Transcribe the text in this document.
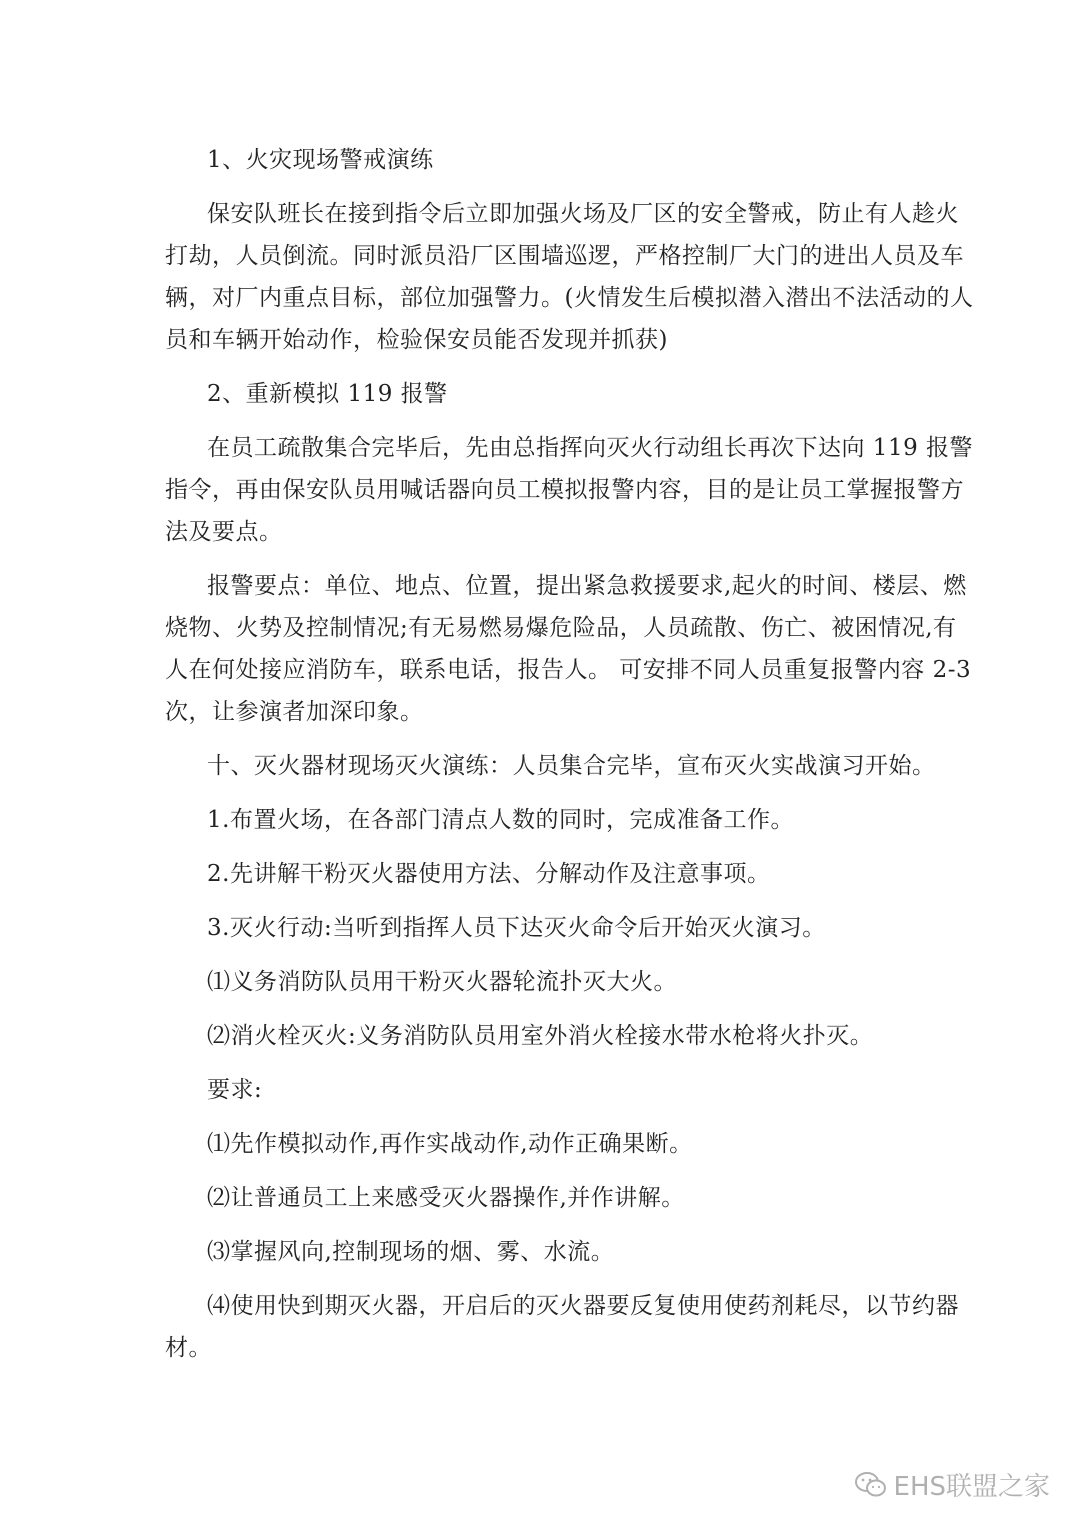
1、火灾现场警戒演练
保安队班长在接到指令后立即加强火场及厂区的安全警戒，防止有人趁火
打劫，人员倒流。同时派员沿厂区围墙巡逻，严格控制厂大门的进出人员及车
辆，对厂内重点目标，部位加强警力。(火情发生后模拟潜入潜出不法活动的人
员和车辆开始动作，检验保安员能否发现并抓获)
2、重新模拟 119 报警
在员工疏散集合完毕后，先由总指挥向灭火行动组长再次下达向 119 报警
指令，再由保安队员用喊话器向员工模拟报警内容，目的是让员工掌握报警方
法及要点。
报警要点：单位、地点、位置，提出紧急救援要求,起火的时间、楼层、燃
烧物、火势及控制情况;有无易燃易爆危险品，人员疏散、伤亡、被困情况,有
人在何处接应消防车，联系电话，报告人。 可安排不同人员重复报警内容 2-3
次，让参演者加深印象。
十、灭火器材现场灭火演练：人员集合完毕，宣布灭火实战演习开始。
1.布置火场，在各部门清点人数的同时，完成准备工作。
2.先讲解干粉灭火器使用方法、分解动作及注意事项。
3.灭火行动:当听到指挥人员下达灭火命令后开始灭火演习。
⑴义务消防队员用干粉灭火器轮流扑灭大火。
⑵消火栓灭火:义务消防队员用室外消火栓接水带水枪将火扑灭。
要求:
⑴先作模拟动作,再作实战动作,动作正确果断。
⑵让普通员工上来感受灭火器操作,并作讲解。
⑶掌握风向,控制现场的烟、雾、水流。
⑷使用快到期灭火器，开启后的灭火器要反复使用使药剂耗尽，以节约器
材。
EHS联盟之家
